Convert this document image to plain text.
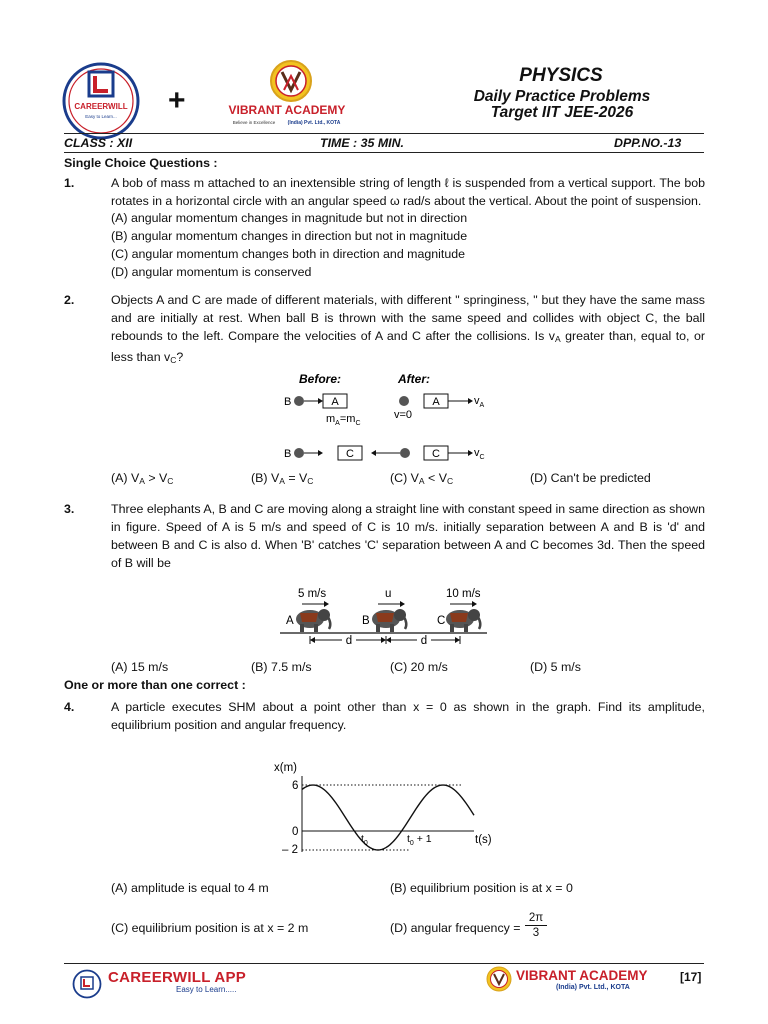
CAREERWILL
Easy to Learn... +	VIBRANT ACADEMY
Believe in Excellence (India) Pvt. Ltd., KOTA
PHYSICS
Daily Practice Problems
Target IIT JEE-2026
CLASS : XII	TIME : 35 MIN.	DPP.NO.-13
Single Choice Questions :
1.	A bob of mass m attached to an inextensible string of length ℓ is suspended from a vertical support. The bob rotates in a horizontal circle with an angular speed ω rad/s about the vertical. About the point of suspension.
(A) angular momentum changes in magnitude but not in direction
(B) angular momentum changes in direction but not in magnitude
(C) angular momentum changes both in direction and magnitude
(D) angular momentum is conserved
2.	Objects A and C are made of different materials, with different " springiness, " but they have the same mass and are initially at rest. When ball B is thrown with the same speed and collides with object C, the ball rebounds to the left. Compare the velocities of A and C after the collisions. Is $v_A$ greater than, equal to, or less than $v_C$?
Before:	After:
B	A
$m_A=m_C$
v=0
A	$v_A$
B	C	C	$v_C$
(A) $V_A > V_C$	(B) $V_A = V_C$	(C) $V_A < V_C$	(D) Can't be predicted
3.	Three elephants A, B and C are moving along a straight line with constant speed in same direction as shown in figure. Speed of A is 5 m/s and speed of C is 10 m/s. initially separation between A and B is 'd' and between B and C is also d. When 'B' catches 'C' separation between A and C becomes 3d. Then the speed of B will be
5 m/s	u	10 m/s
A	B	C
d	d
(A) 15 m/s	(B) 7.5 m/s	(C) 20 m/s	(D) 5 m/s
One or more than one correct :
4.	A particle executes SHM about a point other than x = 0 as shown in the graph. Find its amplitude, equilibrium position and angular frequency.
x(m)
6
0
– 2
$t_0$	$t_0 + 1$	t(s)
(A) amplitude is equal to 4 m	(B) equilibrium position is at x = 0
(C) equilibrium position is at x = 2 m	(D) angular frequency =
2π
3
CAREERWILL APP
Easy to Learn.....
VIBRANT ACADEMY
(India) Pvt. Ltd., KOTA
[17]
